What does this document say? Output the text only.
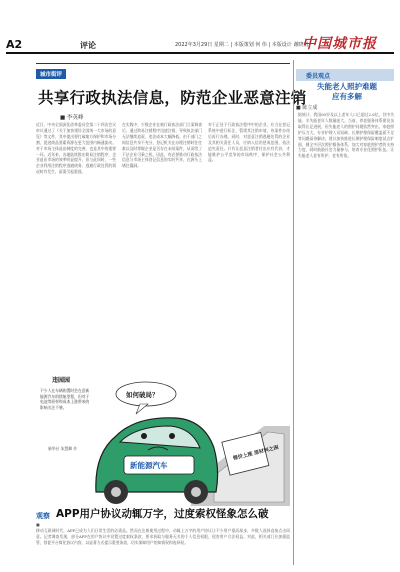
A2	评论	2022年3月29日 星期二 | 本版策划 何 伟 | 本版设计 谢晓雨
中国城市报
城市街评
共享行政执法信息，防范企业恶意注销
■ 李英峰
近日，中央全面深化改革委员会第二十四次会议审议通过了《关于加快建设全国统一大市场的意见》等文件，其中提出要打破地方保护和市场分割，促进商品要素资源在更大范围内畅通流动。对于市场主体退出制度的完善，也是其中的重要一环。近年来，各地陆续推出简易注销程序，企业退出市场的效率明显提升，但与此同时，一些企业利用注销程序逃避债务、逃避行政处罚的情况时有发生，亟需引起重视。
在实践中，少数企业在被行政执法部门立案调查后，通过简易注销程序迅速注销，导致执法部门无法继续追责，违法成本大幅降低。由于部门之间信息共享不充分，登记机关在办理注销时往往难以及时掌握企业是否存在未结案件，从而给了不法企业可乘之机。因此，有必要推动行政执法信息与市场主体登记信息的实时共享，在源头上堵住漏洞。
对于正处于行政执法程序中的企业，应当在登记系统中进行标注，暂缓其注销申请，待案件办结后再行办理。同时，对恶意注销逃避处罚的企业及其相关责任人员，应纳入信用惩戒范围，依法追究责任。只有让恶意注销者付出应有代价，才能维护公平竞争的市场秩序，保护社会公共利益。
锂价上涨 原材料之困
新能源汽车
如何破局？
违园园
不少人在车辆购置时会在意新能源汽车的续航里程，但对于电池等原材料成本上涨带来的影响关注不够。
新华社 朱慧卿 作
观察 APP用户协议动辄万字，过度索权怪象怎么破
■
移动互联网时代，APP已成为人们日常生活的必需品。然而在注册使用过程中，动辄上万字的用户协议让不少用户望而却步，多数人选择直接点击同意。记者调查发现，部分APP在用户协议中设置过度索权条款，要求获取与服务无关的个人信息权限，侵害用户合法权益。对此，相关部门应加强监管，督促平台简化协议内容，以显著方式提示重要条款，切实保障用户的知情权和选择权。
委员观点
失能老人照护难题
应有多解
■ 陈立成
据统计，我国60岁及以上老年人口已超过2.6亿，其中失能、半失能老年人数量庞大。当前，养老服务体系建设虽取得长足进展，但失能老人的照护问题依然突出，家庭照护压力大、专业护理人员短缺、长期护理保险覆盖面不足等问题亟待解决。建议加快推进长期护理保险制度试点扩面，健全多层次照护服务体系，加大对家庭照护者的支持力度，同时鼓励社会力量参与，培育专业化照护队伍，让失能老人老有所护、老有所依。
